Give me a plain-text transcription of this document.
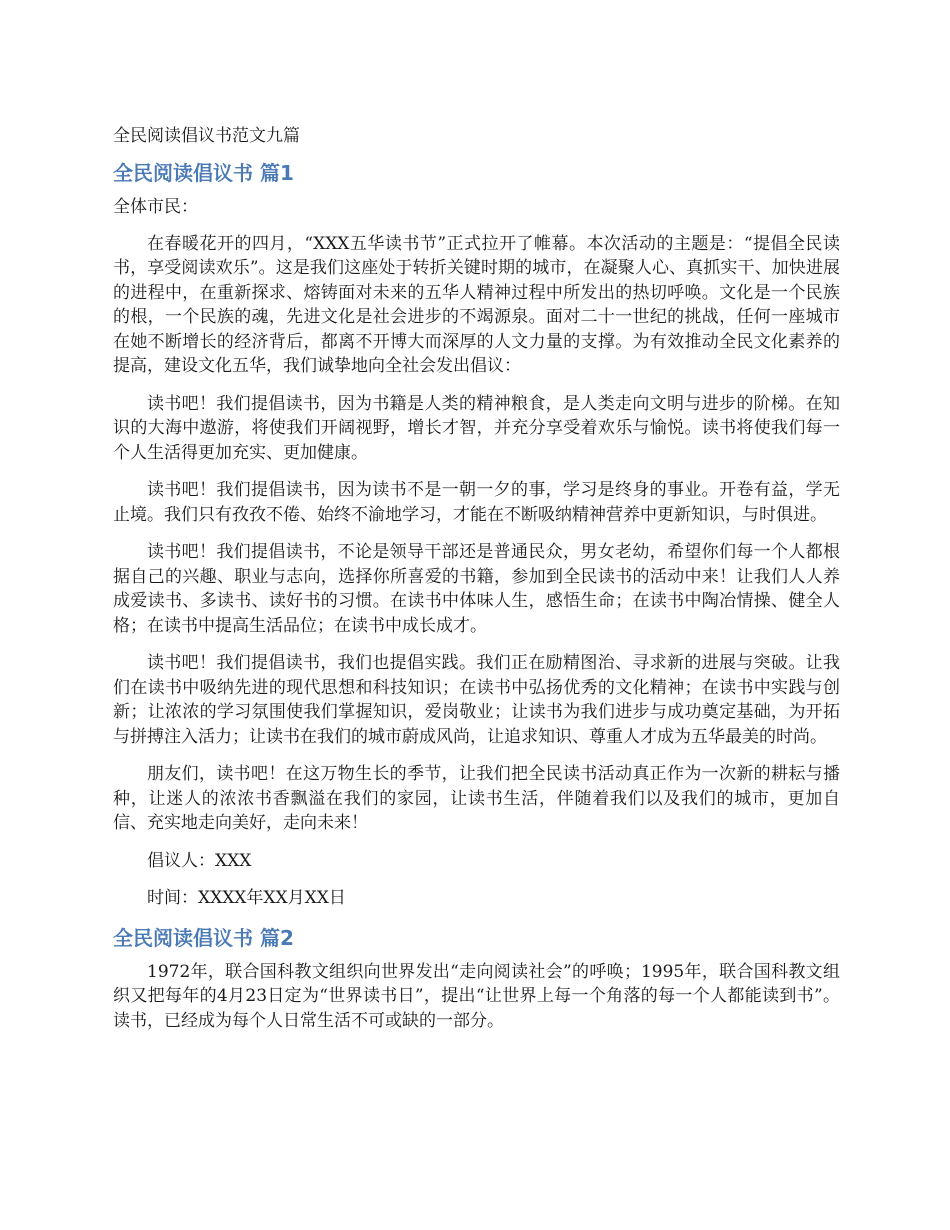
全民阅读倡议书范文九篇
全民阅读倡议书 篇1
全体市民：
在春暖花开的四月，“XXX五华读书节”正式拉开了帷幕。本次活动的主题是：“提倡全民读书，享受阅读欢乐”。这是我们这座处于转折关键时期的城市，在凝聚人心、真抓实干、加快进展的进程中，在重新探求、熔铸面对未来的五华人精神过程中所发出的热切呼唤。文化是一个民族的根，一个民族的魂，先进文化是社会进步的不竭源泉。面对二十一世纪的挑战，任何一座城市在她不断增长的经济背后，都离不开博大而深厚的人文力量的支撑。为有效推动全民文化素养的提高，建设文化五华，我们诚挚地向全社会发出倡议：
读书吧！我们提倡读书，因为书籍是人类的精神粮食，是人类走向文明与进步的阶梯。在知识的大海中遨游，将使我们开阔视野，增长才智，并充分享受着欢乐与愉悦。读书将使我们每一个人生活得更加充实、更加健康。
读书吧！我们提倡读书，因为读书不是一朝一夕的事，学习是终身的事业。开卷有益，学无止境。我们只有孜孜不倦、始终不渝地学习，才能在不断吸纳精神营养中更新知识，与时俱进。
读书吧！我们提倡读书，不论是领导干部还是普通民众，男女老幼，希望你们每一个人都根据自己的兴趣、职业与志向，选择你所喜爱的书籍，参加到全民读书的活动中来！让我们人人养成爱读书、多读书、读好书的习惯。在读书中体味人生，感悟生命；在读书中陶冶情操、健全人格；在读书中提高生活品位；在读书中成长成才。
读书吧！我们提倡读书，我们也提倡实践。我们正在励精图治、寻求新的进展与突破。让我们在读书中吸纳先进的现代思想和科技知识；在读书中弘扬优秀的文化精神；在读书中实践与创新；让浓浓的学习氛围使我们掌握知识，爱岗敬业；让读书为我们进步与成功奠定基础，为开拓与拼搏注入活力；让读书在我们的城市蔚成风尚，让追求知识、尊重人才成为五华最美的时尚。
朋友们，读书吧！在这万物生长的季节，让我们把全民读书活动真正作为一次新的耕耘与播种，让迷人的浓浓书香飘溢在我们的家园，让读书生活，伴随着我们以及我们的城市，更加自信、充实地走向美好，走向未来！
倡议人：XXX
时间：XXXX年XX月XX日
全民阅读倡议书 篇2
1972年，联合国科教文组织向世界发出“走向阅读社会”的呼唤；1995年，联合国科教文组织又把每年的4月23日定为“世界读书日”，提出“让世界上每一个角落的每一个人都能读到书”。读书，已经成为每个人日常生活不可或缺的一部分。
